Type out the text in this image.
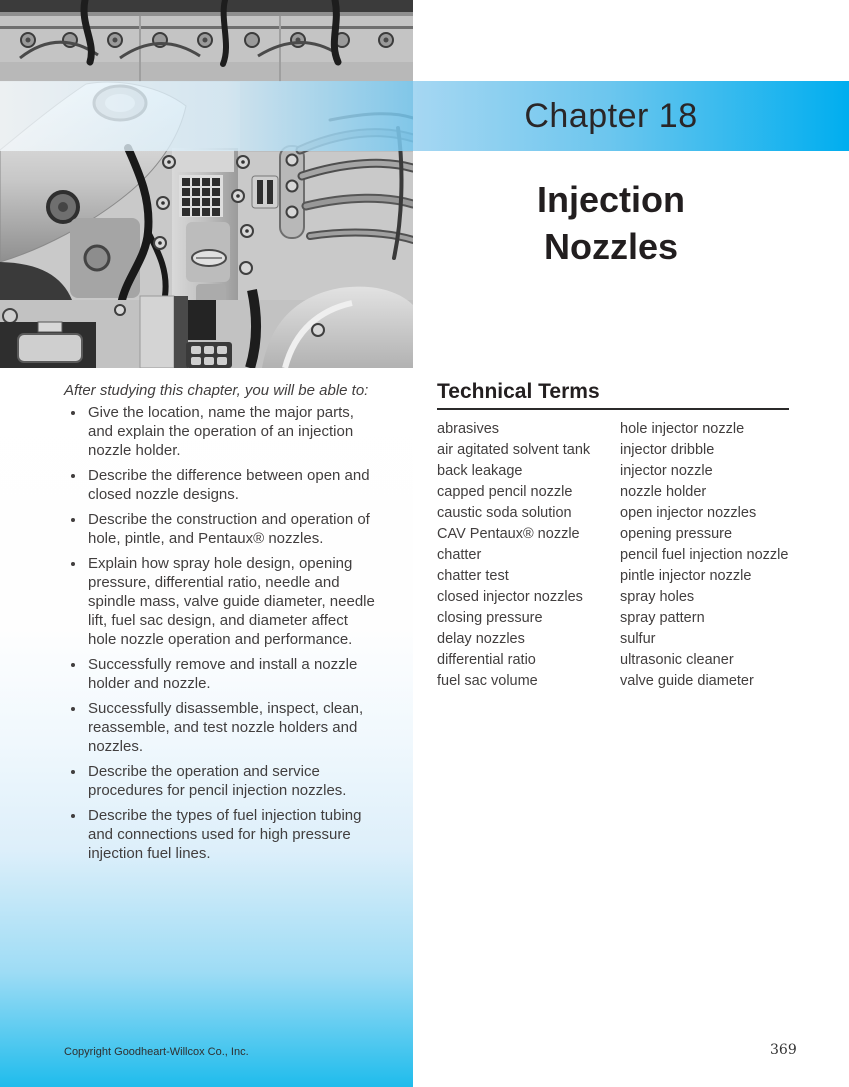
Chapter 18
Injection
Nozzles

After studying this chapter, you will be able to:

• Give the location, name the major parts, and explain the operation of an injection nozzle holder.
• Describe the difference between open and closed nozzle designs.
• Describe the construction and operation of hole, pintle, and Pentaux® nozzles.
• Explain how spray hole design, opening pressure, differential ratio, needle and spindle mass, valve guide diameter, needle lift, fuel sac design, and diameter affect hole nozzle operation and performance.
• Successfully remove and install a nozzle holder and nozzle.
• Successfully disassemble, inspect, clean, reassemble, and test nozzle holders and nozzles.
• Describe the operation and service procedures for pencil injection nozzles.
• Describe the types of fuel injection tubing and connections used for high pressure injection fuel lines.
Technical Terms
abrasives
air agitated solvent tank
back leakage
capped pencil nozzle
caustic soda solution
CAV Pentaux® nozzle
chatter
chatter test
closed injector nozzles
closing pressure
delay nozzles
differential ratio
fuel sac volume
hole injector nozzle
injector dribble
injector nozzle
nozzle holder
open injector nozzles
opening pressure
pencil fuel injection nozzle
pintle injector nozzle
spray holes
spray pattern
sulfur
ultrasonic cleaner
valve guide diameter
Copyright Goodheart-Willcox Co., Inc.	369
